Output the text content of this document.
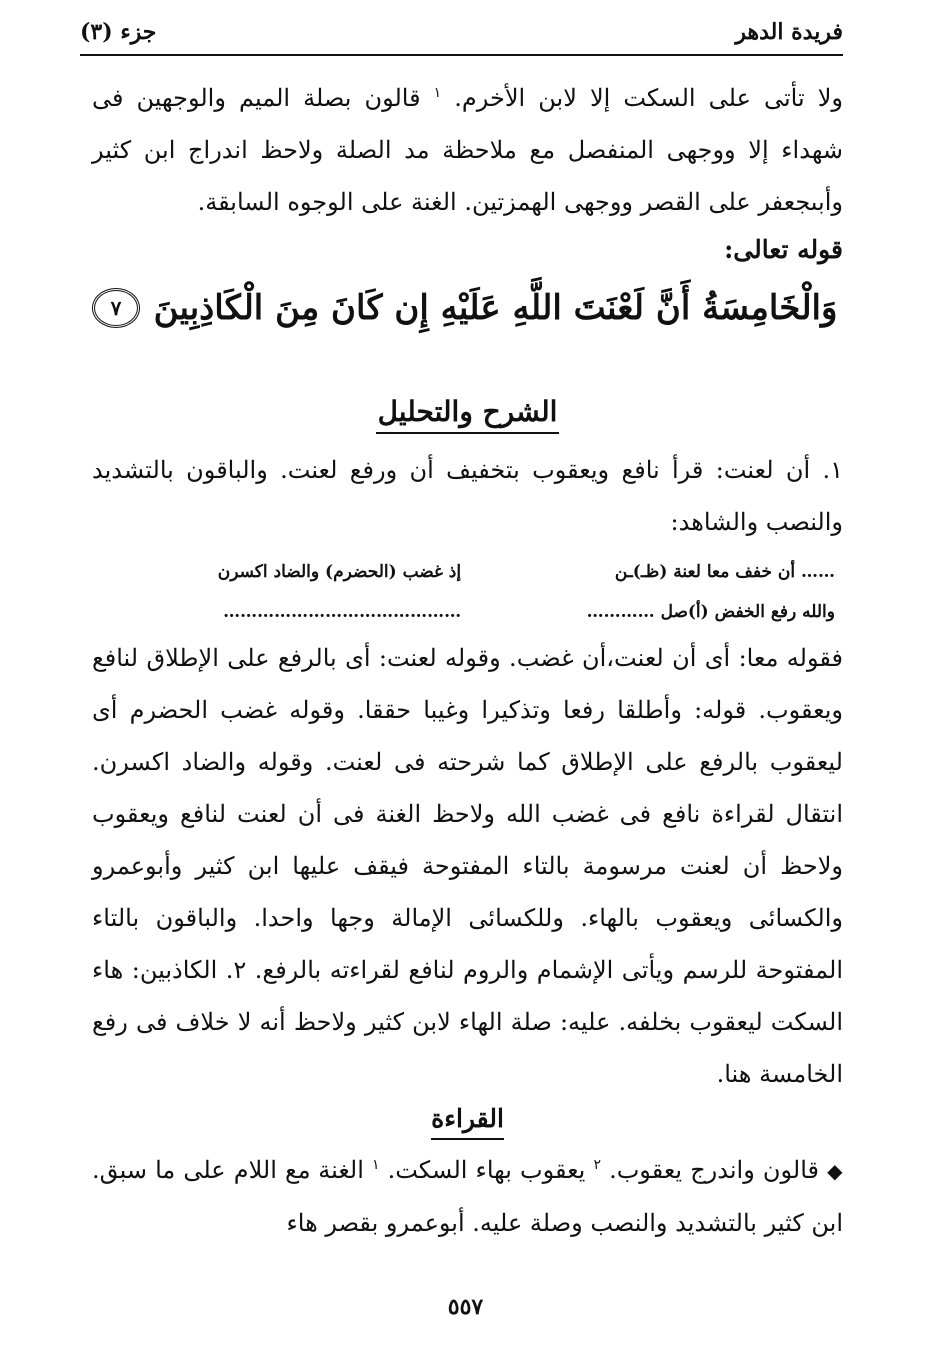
فريدة الدهر
جزء (٣)

ولا تأتى على السكت إلا لابن الأخرم. $^١$ قالون بصلة الميم والوجهين فى شهداء إلا ووجهى المنفصل مع ملاحظة مد الصلة ولاحظ اندراج ابن كثير وأبىجعفر على القصر ووجهى الهمزتين. الغنة على الوجوه السابقة.

قوله تعالى:

وَالْخَامِسَةُ أَنَّ لَعْنَتَ اللَّهِ عَلَيْهِ إِن كَانَ مِنَ الْكَاذِبِينَ
٧
الشرح والتحليل

١. أن لعنت: قرأ نافع ويعقوب بتخفيف أن ورفع لعنت. والباقون بالتشديد والنصب والشاهد:

…… أن خفف معا لعنة (ظـ)ـن
إذ غضب (الحضرم) والضاد اكسرن
والله رفع الخفض (أ)صل …………
……………………………………

فقوله معا: أى أن لعنت،أن غضب. وقوله لعنت: أى بالرفع على الإطلاق لنافع ويعقوب. قوله: وأطلقا رفعا وتذكيرا وغيبا حققا. وقوله غضب الحضرم أى ليعقوب بالرفع على الإطلاق كما شرحته فى لعنت. وقوله والضاد اكسرن. انتقال لقراءة نافع فى غضب الله ولاحظ الغنة فى أن لعنت لنافع ويعقوب ولاحظ أن لعنت مرسومة بالتاء المفتوحة فيقف عليها ابن كثير وأبوعمرو والكسائى ويعقوب بالهاء. وللكسائى الإمالة وجها واحدا. والباقون بالتاء المفتوحة للرسم ويأتى الإشمام والروم لنافع لقراءته بالرفع. ٢. الكاذبين: هاء السكت ليعقوب بخلفه. عليه: صلة الهاء لابن كثير ولاحظ أنه لا خلاف فى رفع الخامسة هنا.

القراءة

◆ قالون واندرج يعقوب. $^٢$ يعقوب بهاء السكت. $^١$ الغنة مع اللام على ما سبق. ابن كثير بالتشديد والنصب وصلة عليه. أبوعمرو بقصر هاء

٥٥٧
